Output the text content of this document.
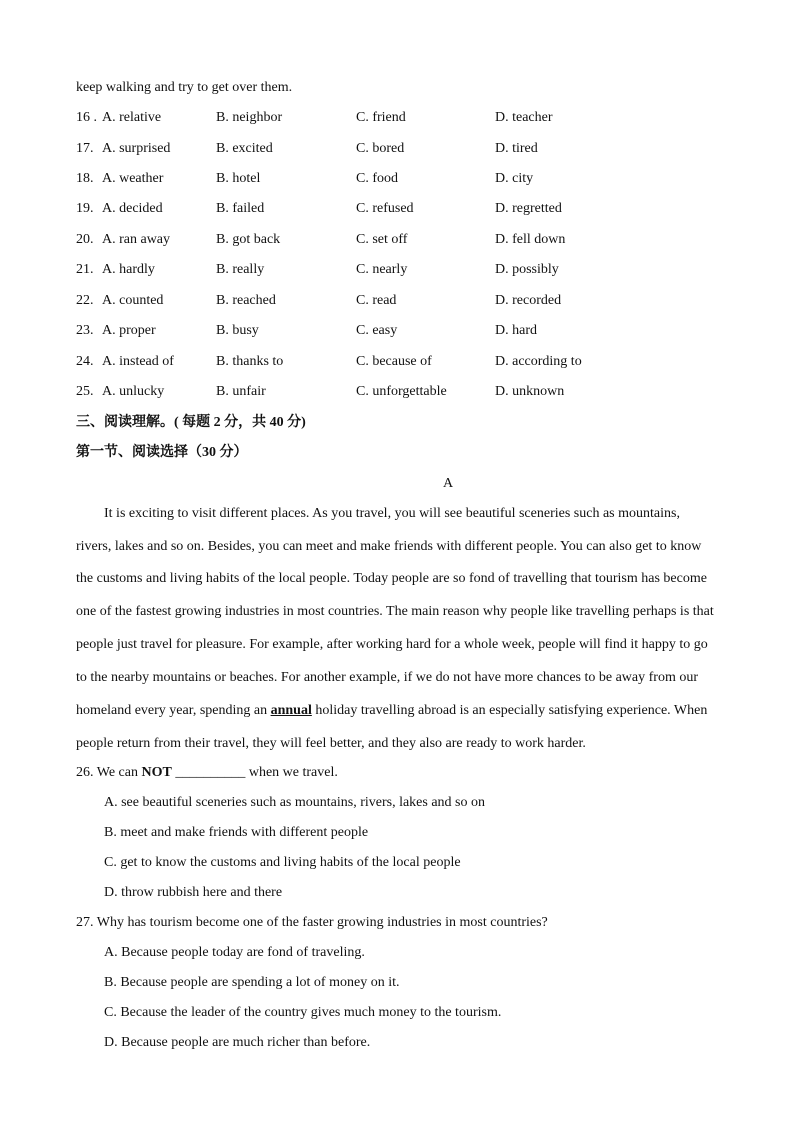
keep walking and try to get over them.
16 . A. relative	B. neighbor	C. friend	D. teacher
17. A. surprised	B. excited	C. bored	D. tired
18. A. weather	B. hotel	C. food	D. city
19. A. decided	B. failed	C. refused	D. regretted
20. A. ran away	B. got back	C. set off	D. fell down
21. A. hardly	B. really	C. nearly	D. possibly
22. A. counted	B. reached	C. read	D. recorded
23. A. proper	B. busy	C. easy	D. hard
24. A. instead of	B. thanks to	C. because of	D. according to
25. A. unlucky	B. unfair	C. unforgettable	D. unknown
三、阅读理解。( 每题 2 分，共 40 分)
第一节、阅读选择（30 分）
A
It is exciting to visit different places. As you travel, you will see beautiful sceneries such as mountains,
rivers, lakes and so on. Besides, you can meet and make friends with different people. You can also get to know
the customs and living habits of the local people. Today people are so fond of travelling that tourism has become
one of the fastest growing industries in most countries. The main reason why people like travelling perhaps is that
people just travel for pleasure. For example, after working hard for a whole week, people will find it happy to go
to the nearby mountains or beaches. For another example, if we do not have more chances to be away from our
homeland every year, spending an annual holiday travelling abroad is an especially satisfying experience. When
people return from their travel, they will feel better, and they also are ready to work harder.
26. We can NOT __________ when we travel.
A. see beautiful sceneries such as mountains, rivers, lakes and so on
B. meet and make friends with different people
C. get to know the customs and living habits of the local people
D. throw rubbish here and there
27. Why has tourism become one of the faster growing industries in most countries?
A. Because people today are fond of traveling.
B. Because people are spending a lot of money on it.
C. Because the leader of the country gives much money to the tourism.
D. Because people are much richer than before.
